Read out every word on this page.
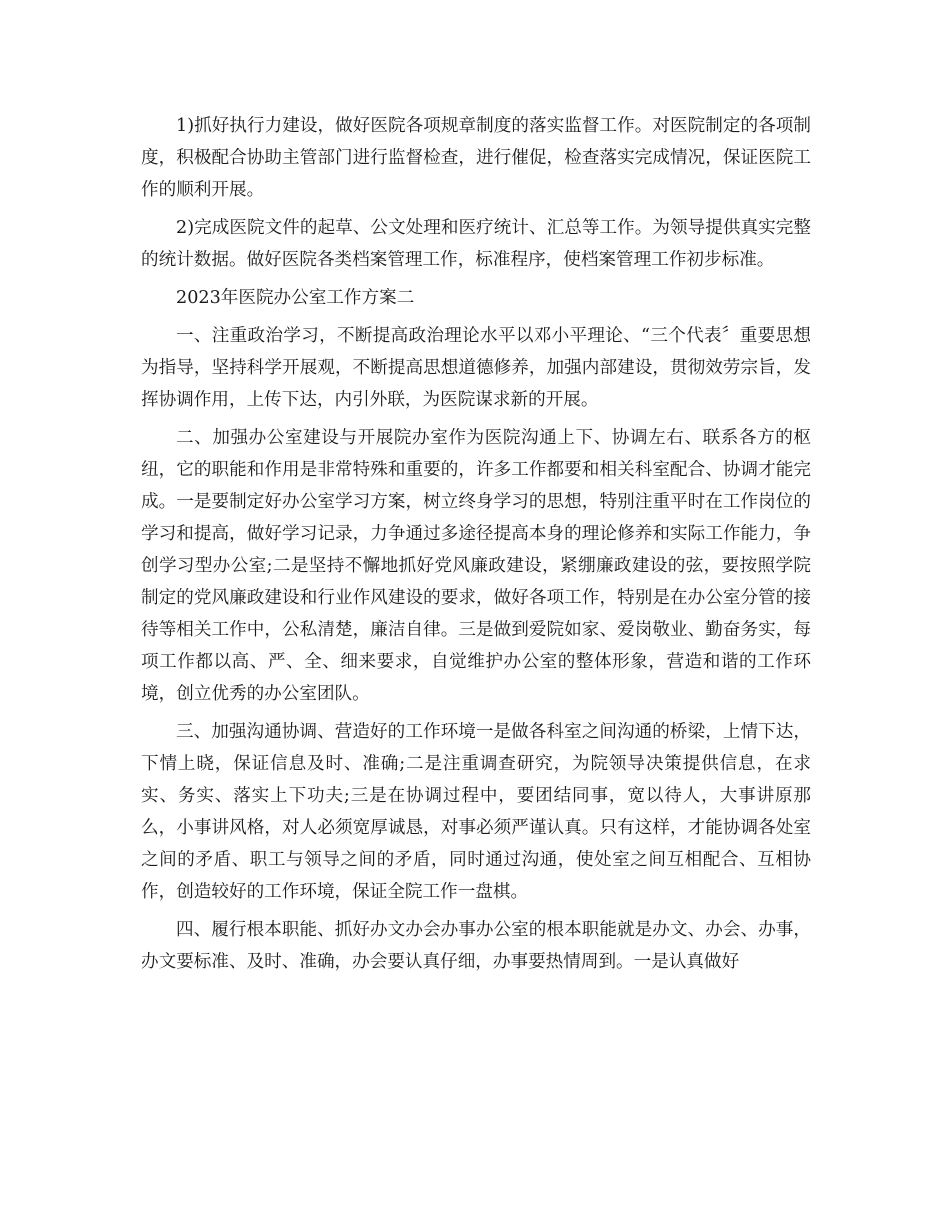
1)抓好执行力建设，做好医院各项规章制度的落实监督工作。对医院制定的各项制度，积极配合协助主管部门进行监督检查，进行催促，检查落实完成情况，保证医院工作的顺利开展。

2)完成医院文件的起草、公文处理和医疗统计、汇总等工作。为领导提供真实完整的统计数据。做好医院各类档案管理工作，标准程序，使档案管理工作初步标准。

2023年医院办公室工作方案二

一、注重政治学习，不断提高政治理论水平以邓小平理论、“三个代表〞重要思想为指导，坚持科学开展观，不断提高思想道德修养，加强内部建设，贯彻效劳宗旨，发挥协调作用，上传下达，内引外联，为医院谋求新的开展。

二、加强办公室建设与开展院办室作为医院沟通上下、协调左右、联系各方的枢纽，它的职能和作用是非常特殊和重要的，许多工作都要和相关科室配合、协调才能完成。一是要制定好办公室学习方案，树立终身学习的思想，特别注重平时在工作岗位的学习和提高，做好学习记录，力争通过多途径提高本身的理论修养和实际工作能力，争创学习型办公室;二是坚持不懈地抓好党风廉政建设，紧绷廉政建设的弦，要按照学院制定的党风廉政建设和行业作风建设的要求，做好各项工作，特别是在办公室分管的接待等相关工作中，公私清楚，廉洁自律。三是做到爱院如家、爱岗敬业、勤奋务实，每项工作都以高、严、全、细来要求，自觉维护办公室的整体形象，营造和谐的工作环境，创立优秀的办公室团队。

三、加强沟通协调、营造好的工作环境一是做各科室之间沟通的桥梁，上情下达，下情上晓，保证信息及时、准确;二是注重调查研究，为院领导决策提供信息，在求实、务实、落实上下功夫;三是在协调过程中，要团结同事，宽以待人，大事讲原那么，小事讲风格，对人必须宽厚诚恳，对事必须严谨认真。只有这样，才能协调各处室之间的矛盾、职工与领导之间的矛盾，同时通过沟通，使处室之间互相配合、互相协作，创造较好的工作环境，保证全院工作一盘棋。

四、履行根本职能、抓好办文办会办事办公室的根本职能就是办文、办会、办事，办文要标准、及时、准确，办会要认真仔细，办事要热情周到。一是认真做好
